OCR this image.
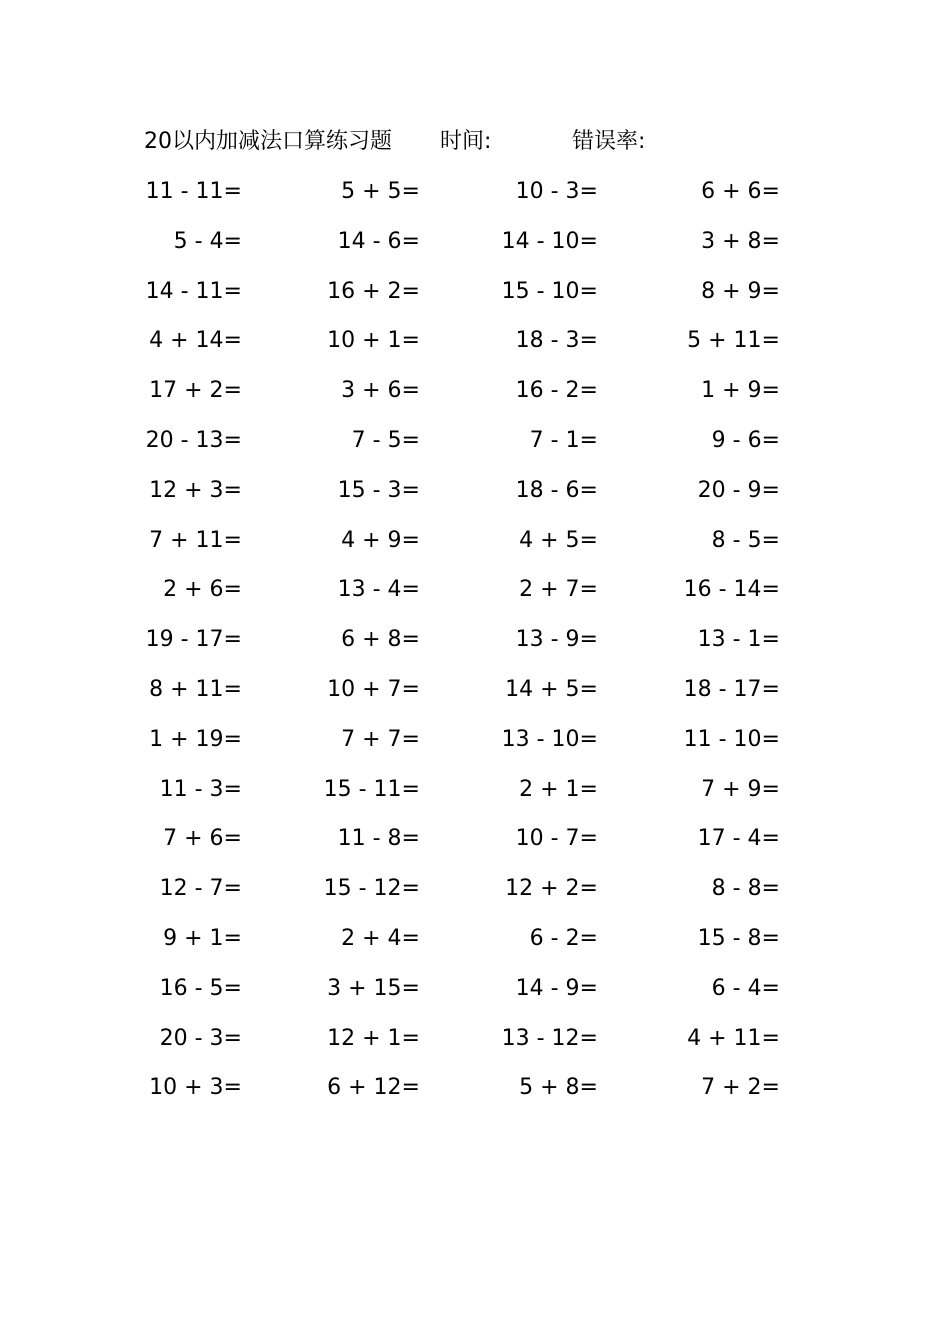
20以内加减法口算练习题 时间:	错误率:
11 - 11=	5 + 5=	10 - 3=	6 + 6=
5 - 4=	14 - 6=	14 - 10=	3 + 8=
14 - 11=	16 + 2=	15 - 10=	8 + 9=
4 + 14=	10 + 1=	18 - 3=	5 + 11=
17 + 2=	3 + 6=	16 - 2=	1 + 9=
20 - 13=	7 - 5=	7 - 1=	9 - 6=
12 + 3=	15 - 3=	18 - 6=	20 - 9=
7 + 11=	4 + 9=	4 + 5=	8 - 5=
2 + 6=	13 - 4=	2 + 7=	16 - 14=
19 - 17=	6 + 8=	13 - 9=	13 - 1=
8 + 11=	10 + 7=	14 + 5=	18 - 17=
1 + 19=	7 + 7=	13 - 10=	11 - 10=
11 - 3=	15 - 11=	2 + 1=	7 + 9=
7 + 6=	11 - 8=	10 - 7=	17 - 4=
12 - 7=	15 - 12=	12 + 2=	8 - 8=
9 + 1=	2 + 4=	6 - 2=	15 - 8=
16 - 5=	3 + 15=	14 - 9=	6 - 4=
20 - 3=	12 + 1=	13 - 12=	4 + 11=
10 + 3=	6 + 12=	5 + 8=	7 + 2=
